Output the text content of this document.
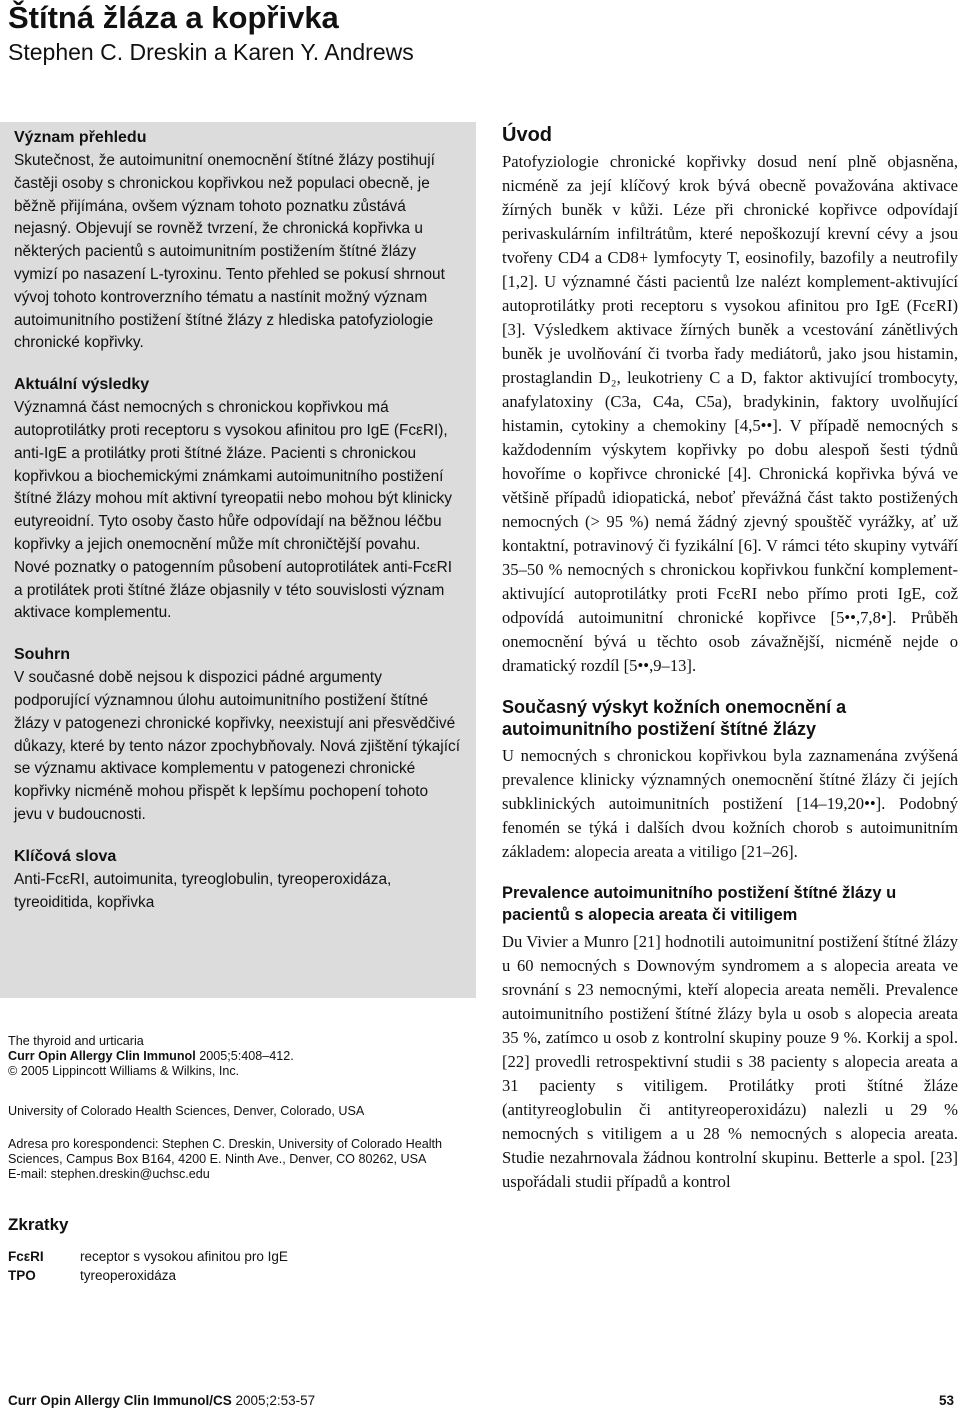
Štítná žláza a kopřivka
Stephen C. Dreskin a Karen Y. Andrews
Význam přehledu

Skutečnost, že autoimunitní onemocnění štítné žlázy postihují častěji osoby s chronickou kopřivkou než populaci obecně, je běžně přijímána, ovšem význam tohoto poznatku zůstává nejasný. Objevují se rovněž tvrzení, že chronická kopřivka u některých pacientů s autoimunitním postižením štítné žlázy vymizí po nasazení L-tyroxinu. Tento přehled se pokusí shrnout vývoj tohoto kontroverzního tématu a nastínit možný význam autoimunitního postižení štítné žlázy z hlediska patofyziologie chronické kopřivky.

Aktuální výsledky

Významná část nemocných s chronickou kopřivkou má autoprotilátky proti receptoru s vysokou afinitou pro IgE (FcεRI), anti-IgE a protilátky proti štítné žláze. Pacienti s chronickou kopřivkou a biochemickými známkami autoimunitního postižení štítné žlázy mohou mít aktivní tyreopatii nebo mohou být klinicky eutyreoidní. Tyto osoby často hůře odpovídají na běžnou léčbu kopřivky a jejich onemocnění může mít chroničtější povahu. Nové poznatky o patogenním působení autoprotilátek anti-FcεRI a protilátek proti štítné žláze objasnily v této souvislosti význam aktivace komplementu.

Souhrn

V současné době nejsou k dispozici pádné argumenty podporující významnou úlohu autoimunitního postižení štítné žlázy v patogenezi chronické kopřivky, neexistují ani přesvědčivé důkazy, které by tento názor zpochybňovaly. Nová zjištění týkající se významu aktivace komplementu v patogenezi chronické kopřivky nicméně mohou přispět k lepšímu pochopení tohoto jevu v budoucnosti.

Klíčová slova

Anti-FcεRI, autoimunita, tyreoglobulin, tyreoperoxidáza, tyreoiditida, kopřivka

The thyroid and urticaria
Curr Opin Allergy Clin Immunol 2005;5:408–412.
© 2005 Lippincott Williams & Wilkins, Inc.
University of Colorado Health Sciences, Denver, Colorado, USA
Adresa pro korespondenci: Stephen C. Dreskin, University of Colorado Health Sciences, Campus Box B164, 4200 E. Ninth Ave., Denver, CO 80262, USA
E-mail: stephen.dreskin@uchsc.edu
Zkratky
FcεRI	receptor s vysokou afinitou pro IgE
TPO	tyreoperoxidáza
Úvod

Patofyziologie chronické kopřivky dosud není plně objasněna, nicméně za její klíčový krok bývá obecně považována aktivace žírných buněk v kůži. Léze při chronické kopřivce odpovídají perivaskulárním infiltrátům, které nepoškozují krevní cévy a jsou tvořeny CD4 a CD8+ lymfocyty T, eosinofily, bazofily a neutrofily [1,2]. U významné části pacientů lze nalézt komplement-aktivující autoprotilátky proti receptoru s vysokou afinitou pro IgE (FcεRI) [3]. Výsledkem aktivace žírných buněk a vcestování zánětlivých buněk je uvolňování či tvorba řady mediátorů, jako jsou histamin, prostaglandin D₂, leukotrieny C a D, faktor aktivující trombocyty, anafylatoxiny (C3a, C4a, C5a), bradykinin, faktory uvolňující histamin, cytokiny a chemokiny [4,5••]. V případě nemocných s každodenním výskytem kopřivky po dobu alespoň šesti týdnů hovoříme o kopřivce chronické [4]. Chronická kopřivka bývá ve většině případů idiopatická, neboť převážná část takto postižených nemocných (> 95 %) nemá žádný zjevný spouštěč vyrážky, ať už kontaktní, potravinový či fyzikální [6]. V rámci této skupiny vytváří 35–50 % nemocných s chronickou kopřivkou funkční komplement-aktivující autoprotilátky proti FcεRI nebo přímo proti IgE, což odpovídá autoimunitní chronické kopřivce [5••,7,8•]. Průběh onemocnění bývá u těchto osob závažnější, nicméně nejde o dramatický rozdíl [5••,9–13].

Současný výskyt kožních onemocnění a autoimunitního postižení štítné žlázy

U nemocných s chronickou kopřivkou byla zaznamenána zvýšená prevalence klinicky významných onemocnění štítné žlázy či jejích subklinických autoimunitních postižení [14–19,20••]. Podobný fenomén se týká i dalších dvou kožních chorob s autoimunitním základem: alopecia areata a vitiligo [21–26].

Prevalence autoimunitního postižení štítné žlázy u pacientů s alopecia areata či vitiligem

Du Vivier a Munro [21] hodnotili autoimunitní postižení štítné žlázy u 60 nemocných s Downovým syndromem a s alopecia areata ve srovnání s 23 nemocnými, kteří alopecia areata neměli. Prevalence autoimunitního postižení štítné žlázy byla u osob s alopecia areata 35 %, zatímco u osob z kontrolní skupiny pouze 9 %. Korkij a spol. [22] provedli retrospektivní studii s 38 pacienty s alopecia areata a 31 pacienty s vitiligem. Protilátky proti štítné žláze (antityreoglobulin či antityreoperoxidázu) nalezli u 29 % nemocných s vitiligem a u 28 % nemocných s alopecia areata. Studie nezahrnovala žádnou kontrolní skupinu. Betterle a spol. [23] uspořádali studii případů a kontrol

Curr Opin Allergy Clin Immunol/CS 2005;2:53-57	53
